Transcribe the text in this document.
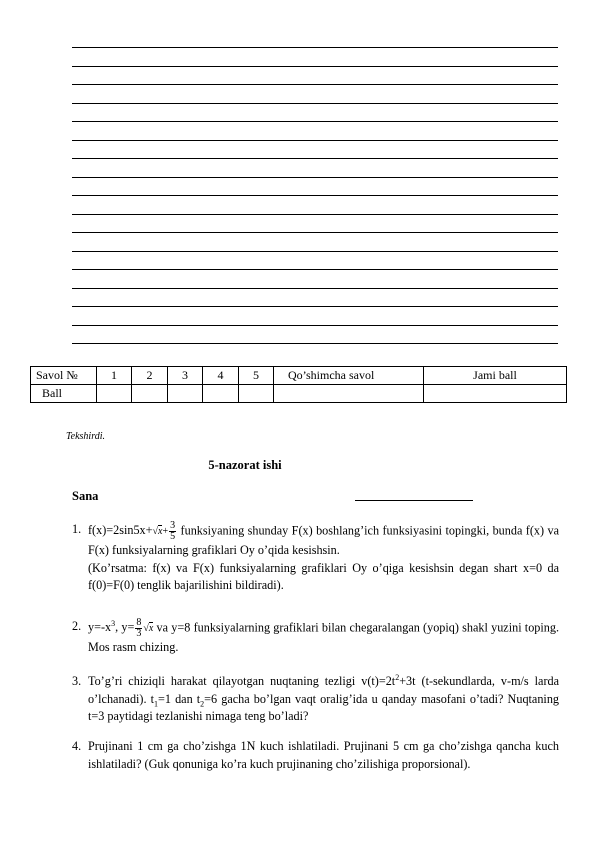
Savol №	1	2	3	4	5	Qo’shimcha savol	Jami ball
Ball							
Tekshirdi.
5-nazorat ishi
Sana
1. $f(x)=2\sin 5x+√x+ \frac{3}{5}$ funksiyaning shunday F(x) boshlang’ich funksiyasini topingki, bunda f(x) va F(x) funksiyalarning grafiklari Oy o’qida kesishsin.
(Ko’rsatma: f(x) va F(x) funksiyalarning grafiklari Oy o’qiga kesishsin degan shart x=0 da f(0)=F(0) tenglik bajarilishini bildiradi).
2. $y=-x^3$, $y= \frac{8}{3} √x$ va y=8 funksiyalarning grafiklari bilan chegaralangan (yopiq) shakl yuzini toping. Mos rasm chizing.
3. To’g’ri chiziqli harakat qilayotgan nuqtaning tezligi $v(t)=2t^2+3t$ (t-sekundlarda, v-m/s larda o’lchanadi). $t_1=1$ dan $t_2=6$ gacha bo’lgan vaqt oralig’ida u qanday masofani o’tadi? Nuqtaning t=3 paytidagi tezlanishi nimaga teng bo’ladi?
4. Prujinani 1 cm ga cho’zishga 1N kuch ishlatiladi. Prujinani 5 cm ga cho’zishga qancha kuch ishlatiladi? (Guk qonuniga ko’ra kuch prujinaning cho’zilishiga proporsional).
